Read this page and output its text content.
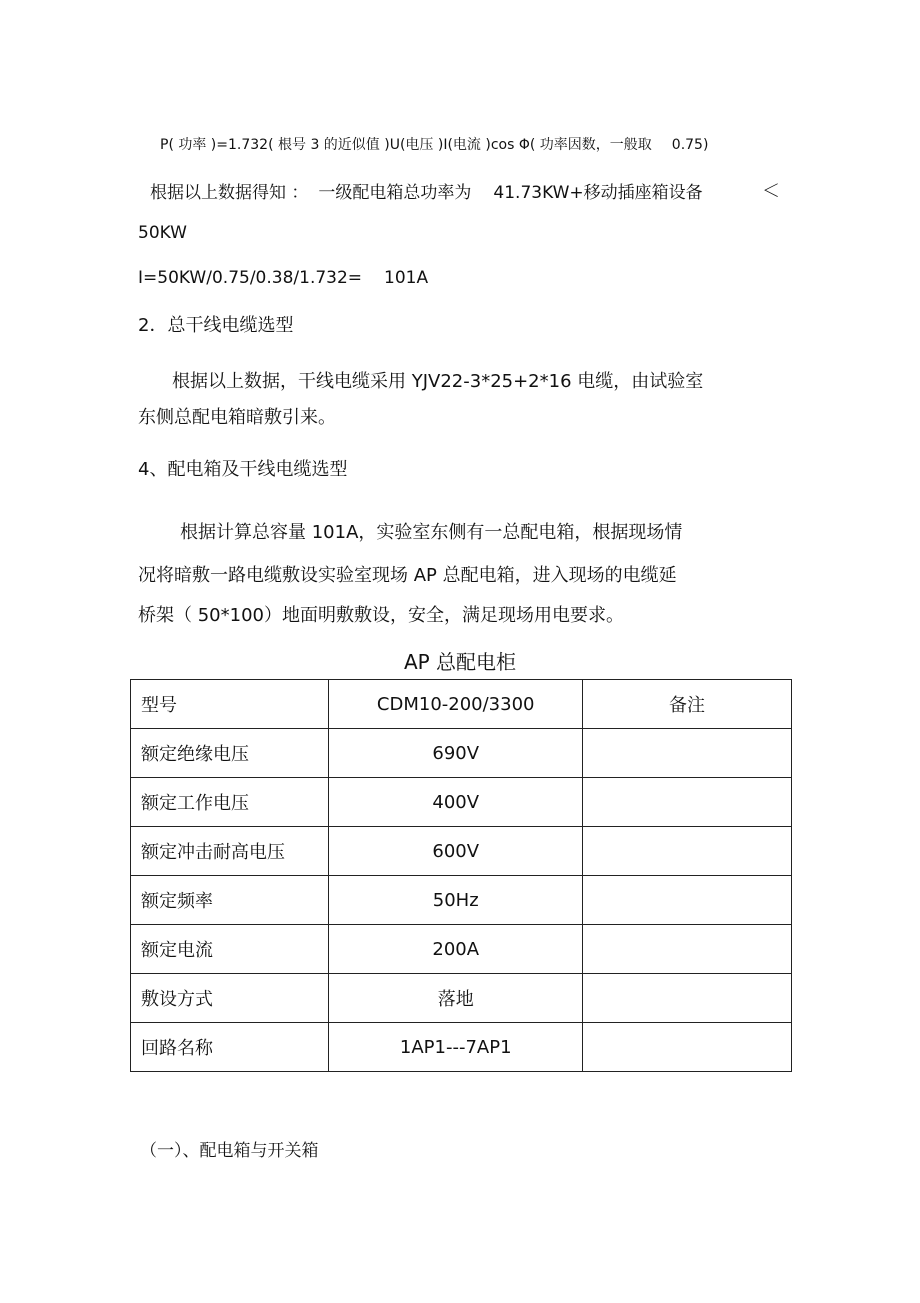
P( 功率 )=1.732( 根号 3 的近似值 )U(电压 )I(电流 )cos Φ( 功率因数，一般取 0.75)
根据以上数据得知 ： 一级配电箱总功率为 41.73KW+移动插座箱设备	＜
50KW
I=50KW/0.75/0.38/1.732= 101A
2．总干线电缆选型
根据以上数据，干线电缆采用 YJV22-3*25+2*16 电缆，由试验室
东侧总配电箱暗敷引来。
4、配电箱及干线电缆选型
根据计算总容量 101A，实验室东侧有一总配电箱，根据现场情
况将暗敷一路电缆敷设实验室现场 AP 总配电箱，进入现场的电缆延
桥架（ 50*100）地面明敷敷设，安全，满足现场用电要求。
AP 总配电柜
型号	CDM10-200/3300	备注
额定绝缘电压	690V	
额定工作电压	400V	
额定冲击耐高电压	600V	
额定频率	50Hz	
额定电流	200A	
敷设方式	落地	
回路名称	1AP1---7AP1	
（一）、配电箱与开关箱
